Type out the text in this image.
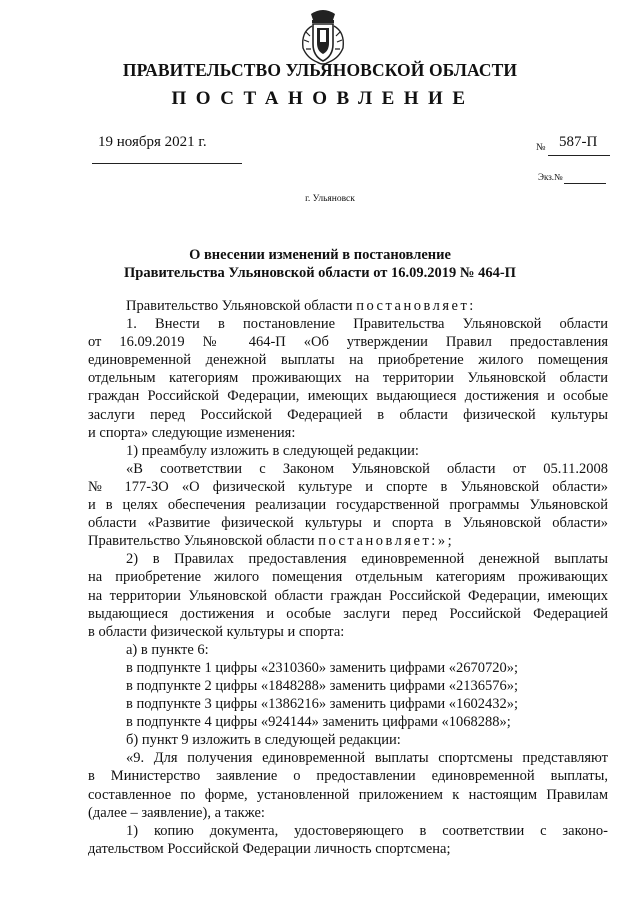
ПРАВИТЕЛЬСТВО УЛЬЯНОВСКОЙ ОБЛАСТИ
ПОСТАНОВЛЕНИЕ
19 ноября 2021 г.	№ 587-П
Экз.№
г. Ульяновск
О внесении изменений в постановление
Правительства Ульяновской области от 16.09.2019 № 464-П
Правительство Ульяновской области постановляет:
1. Внести в постановление Правительства Ульяновской области
от 16.09.2019 № 464-П «Об утверждении Правил предоставления
единовременной денежной выплаты на приобретение жилого помещения
отдельным категориям проживающих на территории Ульяновской области
граждан Российской Федерации, имеющих выдающиеся достижения и особые
заслуги перед Российской Федерацией в области физической культуры
и спорта» следующие изменения:
1) преамбулу изложить в следующей редакции:
«В соответствии с Законом Ульяновской области от 05.11.2008
№ 177-ЗО «О физической культуре и спорте в Ульяновской области»
и в целях обеспечения реализации государственной программы Ульяновской
области «Развитие физической культуры и спорта в Ульяновской области»
Правительство Ульяновской области постановляет:»;
2) в Правилах предоставления единовременной денежной выплаты
на приобретение жилого помещения отдельным категориям проживающих
на территории Ульяновской области граждан Российской Федерации, имеющих
выдающиеся достижения и особые заслуги перед Российской Федерацией
в области физической культуры и спорта:
а) в пункте 6:
в подпункте 1 цифры «2310360» заменить цифрами «2670720»;
в подпункте 2 цифры «1848288» заменить цифрами «2136576»;
в подпункте 3 цифры «1386216» заменить цифрами «1602432»;
в подпункте 4 цифры «924144» заменить цифрами «1068288»;
б) пункт 9 изложить в следующей редакции:
«9. Для получения единовременной выплаты спортсмены представляют
в Министерство заявление о предоставлении единовременной выплаты,
составленное по форме, установленной приложением к настоящим Правилам
(далее – заявление), а также:
1) копию документа, удостоверяющего в соответствии с законо-
дательством Российской Федерации личность спортсмена;
